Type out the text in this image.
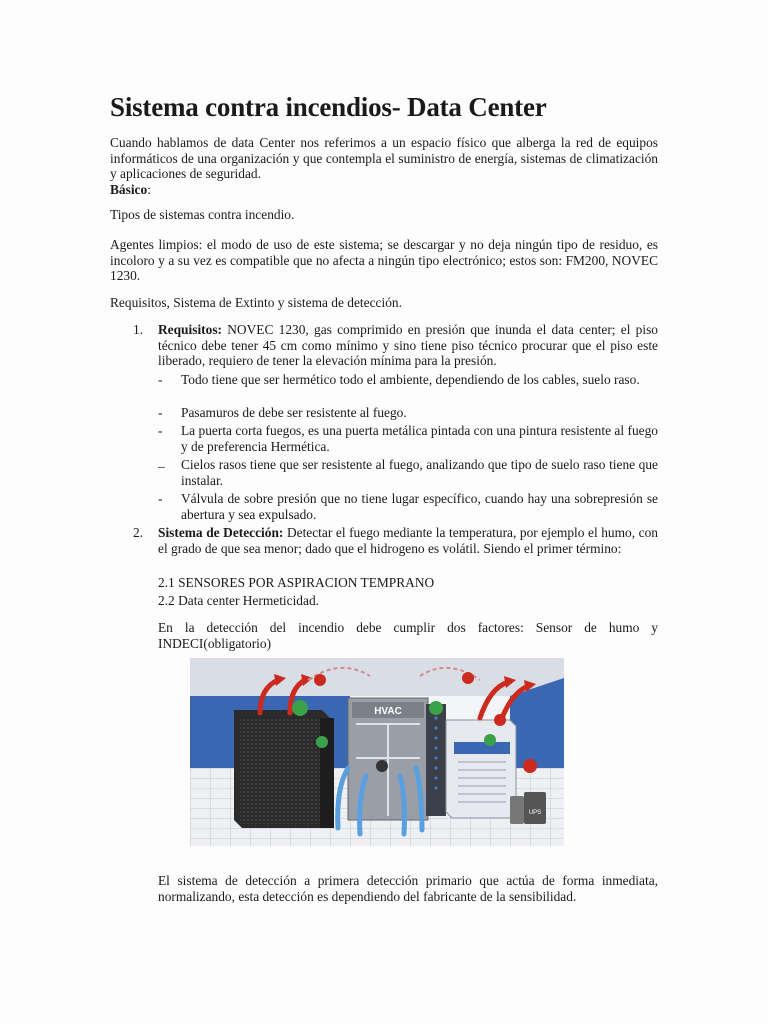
Sistema contra incendios- Data Center
Cuando hablamos de data Center nos referimos a un espacio físico que alberga la red de equipos informáticos de una organización y que contempla el suministro de energía, sistemas de climatización y aplicaciones de seguridad.
Básico:
Tipos de sistemas contra incendio.
Agentes limpios: el modo de uso de este sistema; se descargar y no deja ningún tipo de residuo, es incoloro y a su vez es compatible que no afecta a ningún tipo electrónico; estos son: FM200, NOVEC 1230.
Requisitos, Sistema de Extinto y sistema de detección.
1. Requisitos: NOVEC 1230, gas comprimido en presión que inunda el data center; el piso técnico debe tener 45 cm como mínimo y sino tiene piso técnico procurar que el piso este liberado, requiero de tener la elevación mínima para la presión.
- Todo tiene que ser hermético todo el ambiente, dependiendo de los cables, suelo raso.
- Pasamuros de debe ser resistente al fuego.
- La puerta corta fuegos, es una puerta metálica pintada con una pintura resistente al fuego y de preferencia Hermética.
_ Cielos rasos tiene que ser resistente al fuego, analizando que tipo de suelo raso tiene que instalar.
- Válvula de sobre presión que no tiene lugar específico, cuando hay una sobrepresión se abertura y sea expulsado.
2. Sistema de Detección: Detectar el fuego mediante la temperatura, por ejemplo el humo, con el grado de que sea menor; dado que el hidrogeno es volátil. Siendo el primer término:
2.1 SENSORES POR ASPIRACION TEMPRANO
2.2 Data center Hermeticidad.
En la detección del incendio debe cumplir dos factores: Sensor de humo y INDECI(obligatorio)
HVAC
UPS
El sistema de detección a primera detección primario que actúa de forma inmediata, normalizando, esta detección es dependiendo del fabricante de la sensibilidad.
